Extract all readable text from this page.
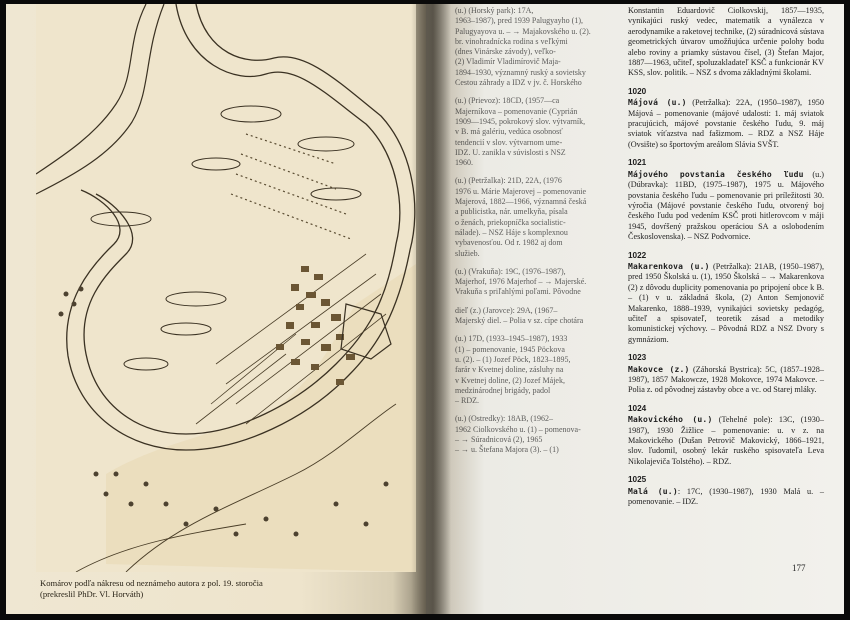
Komárov podľa nákresu od neznámeho autora z pol. 19. storočia
(prekreslil PhDr. Vl. Horváth)

(u.) (Horský park): 17A,

1963–1987), pred 1939 Palugyayho (1),

Palugyayova u. – → Majakovského u. (2).

br. vinohradnícka rodina s veľkými

(dnes Vinárske závody), veľko-

(2) Vladimír Vladimírovič Maja-

1894–1930, významný ruský a sovietsky

Cestou záhrady a IDZ v jv. č. Horského

(u.) (Prievoz): 18CD, (1957—ca

Majerníkova – pomenovanie (Cyprián

1909—1945, pokrokový slov. výtvarník,

v B. má galériu, vedúca osobnosť

tendencií v slov. výtvarnom ume-

IDZ. U. zanikla v súvislosti s NSZ

1960.

(u.) (Petržalka): 21D, 22A, (1976

1976 u. Márie Majerovej – pomenovanie

Majerová, 1882—1966, významná česká

a publicistka, nár. umelkyňa, písala

o ženách, priekopníčka socialistic-

nálade). – NSZ Háje s komplexnou

vybavenosťou. Od r. 1982 aj dom

služieb.

(u.) (Vrakuňa): 19C, (1976–1987),

Majerhof, 1976 Majerhof – → Majerské.

Vrakuňa s priľahlými poľami. Pôvodne

dieľ (z.) (Jarovce): 29A, (1967–

Majerský diel. – Polia v sz. cípe chotára

(u.) 17D, (1933–1945–1987), 1933

(1) – pomenovanie, 1945 Pöckova

u. (2). – (1) Jozef Pöck, 1823–1895,

farár v Kvetnej doline, zásluhy na

v Kvetnej doline, (2) Jozef Májek,

medzinárodnej brigády, padol

– RDZ.

(u.) (Ostredky): 18AB, (1962–

1962 Ciolkovského u. (1) – pomenova-

– → Súradnicová (2), 1965

– → u. Štefana Majora (3). – (1)

Konstantin Eduardovič Ciolkovskij, 1857—1935, vynikajúci ruský vedec, matematik a vynálezca v aerodynamike a raketovej technike, (2) súradnicová sústava geometrických útvarov umožňujúca určenie polohy bodu alebo roviny a priamky sústavou čísel, (3) Štefan Major, 1887—1963, učiteľ, spoluzakladateľ KSČ a funkcionár KV KSS, slov. politik. – NSZ s dvoma základnými školami.

1020

Májová (u.) (Petržalka): 22A, (1950–1987), 1950 Májová – pomenovanie (májové udalosti: 1. máj sviatok pracujúcich, májové povstanie českého ľudu, 9. máj sviatok víťazstva nad fašizmom. – RDZ a NSZ Háje (Ovsište) so športovým areálom Slávia SVŠT.

1021

Májového povstania českého ľudu (u.) (Dúbravka): 11BD, (1975–1987), 1975 u. Májového povstania českého ľudu – pomenovanie pri príležitosti 30. výročia (Májové povstanie českého ľudu, otvorený boj českého ľudu pod vedením KSČ proti hitlerovcom v máji 1945, dovŕšený pražskou operáciou SA a oslobodením Československa). – NSZ Podvornice.

1022

Makarenkova (u.) (Petržalka): 21AB, (1950–1987), pred 1950 Školská u. (1), 1950 Školská – → Makarenkova (2) z dôvodu duplicity pomenovania po pripojení obce k B. – (1) v u. základná škola, (2) Anton Semjonovič Makarenko, 1888–1939, vynikajúci sovietsky pedagóg, učiteľ a spisovateľ, teoretik zásad a metodiky komunistickej výchovy. – Pôvodná RDZ a NSZ Dvory s gymnáziom.

1023

Makovce (z.) (Záhorská Bystrica): 5C, (1857–1928–1987), 1857 Makowcze, 1928 Mokovce, 1974 Makovce. – Polia z. od pôvodnej zástavby obce a vc. od Starej mláky.

1024

Makovického (u.) (Tehelné pole): 13C, (1930–1987), 1930 Žižlice – pomenovanie: u. v z. na Makovického (Dušan Petrovič Makovický, 1866–1921, slov. ľudomil, osobný lekár ruského spisovateľa Leva Nikolajeviča Tolstého). – RDZ.

1025

Malá (u.): 17C, (1930–1987), 1930 Malá u. – pomenovanie. – IDZ.

177
